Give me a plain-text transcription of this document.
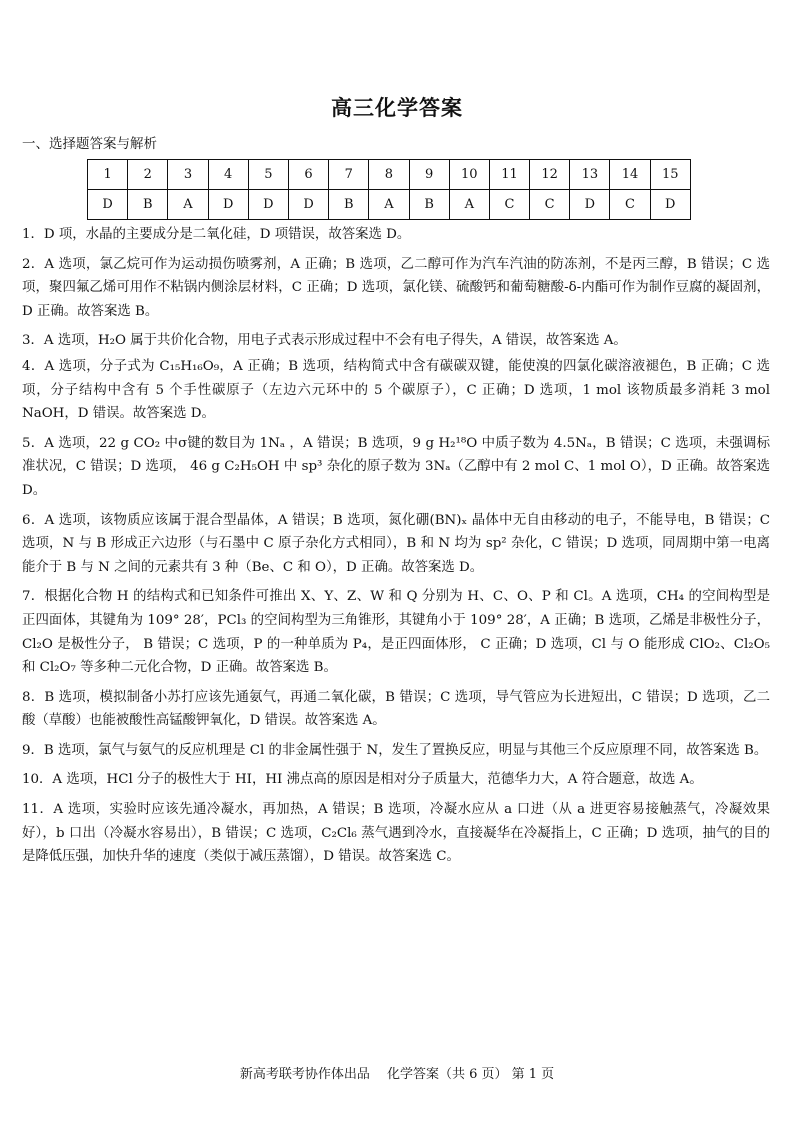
高三化学答案
一、选择题答案与解析
1	2	3	4	5	6	7	8	9	10	11	12	13	14	15
D	B	A	D	D	D	B	A	B	A	C	C	D	C	D

1．D 项，水晶的主要成分是二氧化硅，D 项错误，故答案选 D。

2．A 选项，氯乙烷可作为运动损伤喷雾剂，A 正确；B 选项，乙二醇可作为汽车汽油的防冻剂，不是丙三醇，B 错误；C 选项，聚四氟乙烯可用作不粘锅内侧涂层材料，C 正确；D 选项，氯化镁、硫酸钙和葡萄糖酸-δ-内酯可作为制作豆腐的凝固剂，D 正确。故答案选 B。

3．A 选项，H₂O 属于共价化合物，用电子式表示形成过程中不会有电子得失，A 错误，故答案选 A。

4．A 选项，分子式为 C₁₅H₁₆O₉，A 正确；B 选项，结构简式中含有碳碳双键，能使溴的四氯化碳溶液褪色，B 正确；C 选项，分子结构中含有 5 个手性碳原子（左边六元环中的 5 个碳原子），C 正确；D 选项，1 mol 该物质最多消耗 3 mol NaOH，D 错误。故答案选 D。

5．A 选项，22 g CO₂ 中σ键的数目为 1Nₐ ，A 错误；B 选项，9 g H₂¹⁸O 中质子数为 4.5Nₐ，B 错误；C 选项，未强调标准状况，C 错误；D 选项， 46 g C₂H₅OH 中 sp³ 杂化的原子数为 3Nₐ（乙醇中有 2 mol C、1 mol O），D 正确。故答案选 D。

6．A 选项，该物质应该属于混合型晶体，A 错误；B 选项，氮化硼(BN)ₓ 晶体中无自由移动的电子，不能导电，B 错误；C 选项，N 与 B 形成正六边形（与石墨中 C 原子杂化方式相同），B 和 N 均为 sp² 杂化，C 错误；D 选项，同周期中第一电离能介于 B 与 N 之间的元素共有 3 种（Be、C 和 O），D 正确。故答案选 D。

7．根据化合物 H 的结构式和已知条件可推出 X、Y、Z、W 和 Q 分别为 H、C、O、P 和 Cl。A 选项，CH₄ 的空间构型是正四面体，其键角为 109° 28′，PCl₃ 的空间构型为三角锥形，其键角小于 109° 28′，A 正确；B 选项，乙烯是非极性分子，Cl₂O 是极性分子， B 错误；C 选项，P 的一种单质为 P₄，是正四面体形， C 正确；D 选项，Cl 与 O 能形成 ClO₂、Cl₂O₅ 和 Cl₂O₇ 等多种二元化合物，D 正确。故答案选 B。

8．B 选项，模拟制备小苏打应该先通氨气，再通二氧化碳，B 错误；C 选项，导气管应为长进短出，C 错误；D 选项，乙二酸（草酸）也能被酸性高锰酸钾氧化，D 错误。故答案选 A。

9．B 选项，氯气与氨气的反应机理是 Cl 的非金属性强于 N，发生了置换反应，明显与其他三个反应原理不同，故答案选 B。

10．A 选项，HCl 分子的极性大于 HI，HI 沸点高的原因是相对分子质量大，范德华力大，A 符合题意，故选 A。

11．A 选项，实验时应该先通冷凝水，再加热，A 错误；B 选项，冷凝水应从 a 口进（从 a 进更容易接触蒸气，冷凝效果好），b 口出（冷凝水容易出），B 错误；C 选项，C₂Cl₆ 蒸气遇到冷水，直接凝华在冷凝指上，C 正确；D 选项，抽气的目的是降低压强，加快升华的速度（类似于减压蒸馏），D 错误。故答案选 C。

新高考联考协作体出品　 化学答案（共 6 页） 第 1 页
